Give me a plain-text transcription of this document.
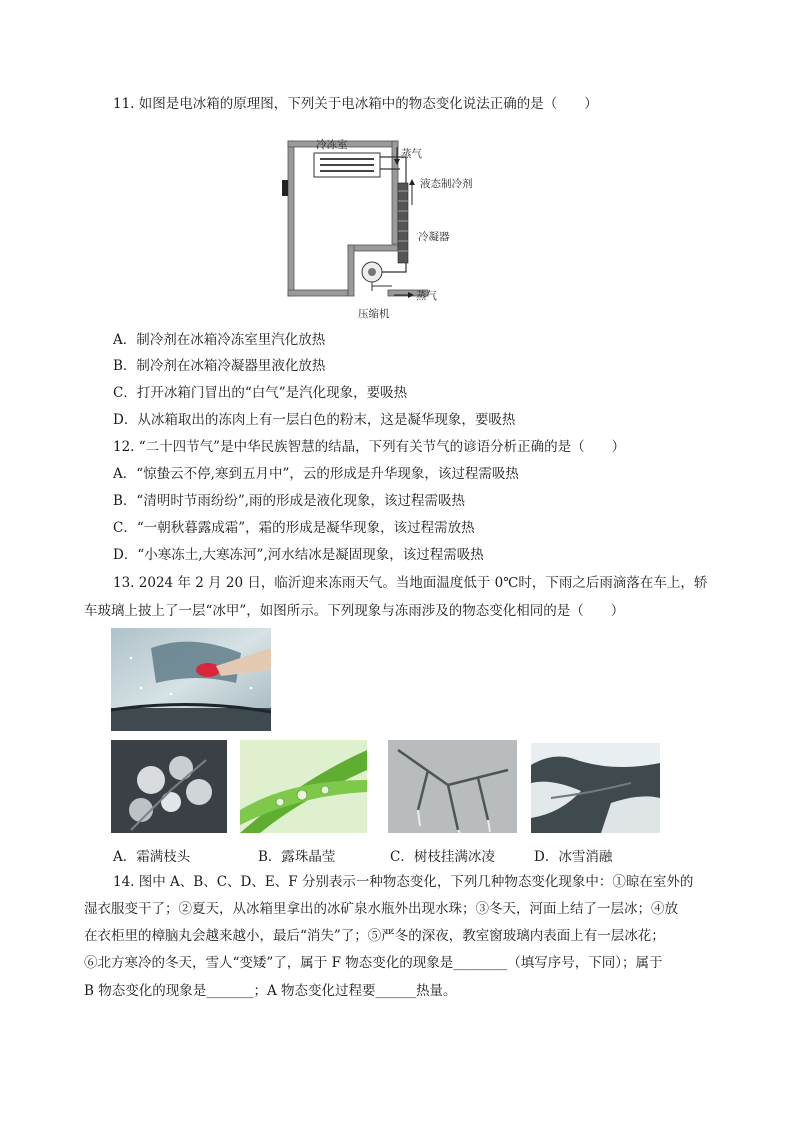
11. 如图是电冰箱的原理图，下列关于电冰箱中的物态变化说法正确的是（　　）
冷冻室
蒸气
液态制冷剂
冷凝器
蒸气
压缩机
A．制冷剂在冰箱冷冻室里汽化放热
B．制冷剂在冰箱冷凝器里液化放热
C．打开冰箱门冒出的“白气”是汽化现象，要吸热
D．从冰箱取出的冻肉上有一层白色的粉末，这是凝华现象，要吸热
12. “二十四节气”是中华民族智慧的结晶，下列有关节气的谚语分析正确的是（　　）
A．“惊蛰云不停,寒到五月中”，云的形成是升华现象，该过程需吸热
B．“清明时节雨纷纷”,雨的形成是液化现象，该过程需吸热
C．“一朝秋暮露成霜”，霜的形成是凝华现象，该过程需放热
D．“小寒冻土,大寒冻河”,河水结冰是凝固现象，该过程需吸热
13. 2024 年 2 月 20 日，临沂迎来冻雨天气。当地面温度低于 0℃时，下雨之后雨滴落在车上，轿
车玻璃上披上了一层“冰甲”，如图所示。下列现象与冻雨涉及的物态变化相同的是（　　）
A．霜满枝头	B．露珠晶莹	C．树枝挂满冰凌	D．冰雪消融
14. 图中 A、B、C、D、E、F 分别表示一种物态变化，下列几种物态变化现象中：①晾在室外的
湿衣服变干了；②夏天，从冰箱里拿出的冰矿泉水瓶外出现水珠；③冬天，河面上结了一层冰；④放
在衣柜里的樟脑丸会越来越小，最后“消失”了；⑤严冬的深夜，教室窗玻璃内表面上有一层冰花；
⑥北方寒冷的冬天，雪人“变矮”了，属于 F 物态变化的现象是________（填写序号，下同）；属于
B 物态变化的现象是_______；A 物态变化过程要______热量。
